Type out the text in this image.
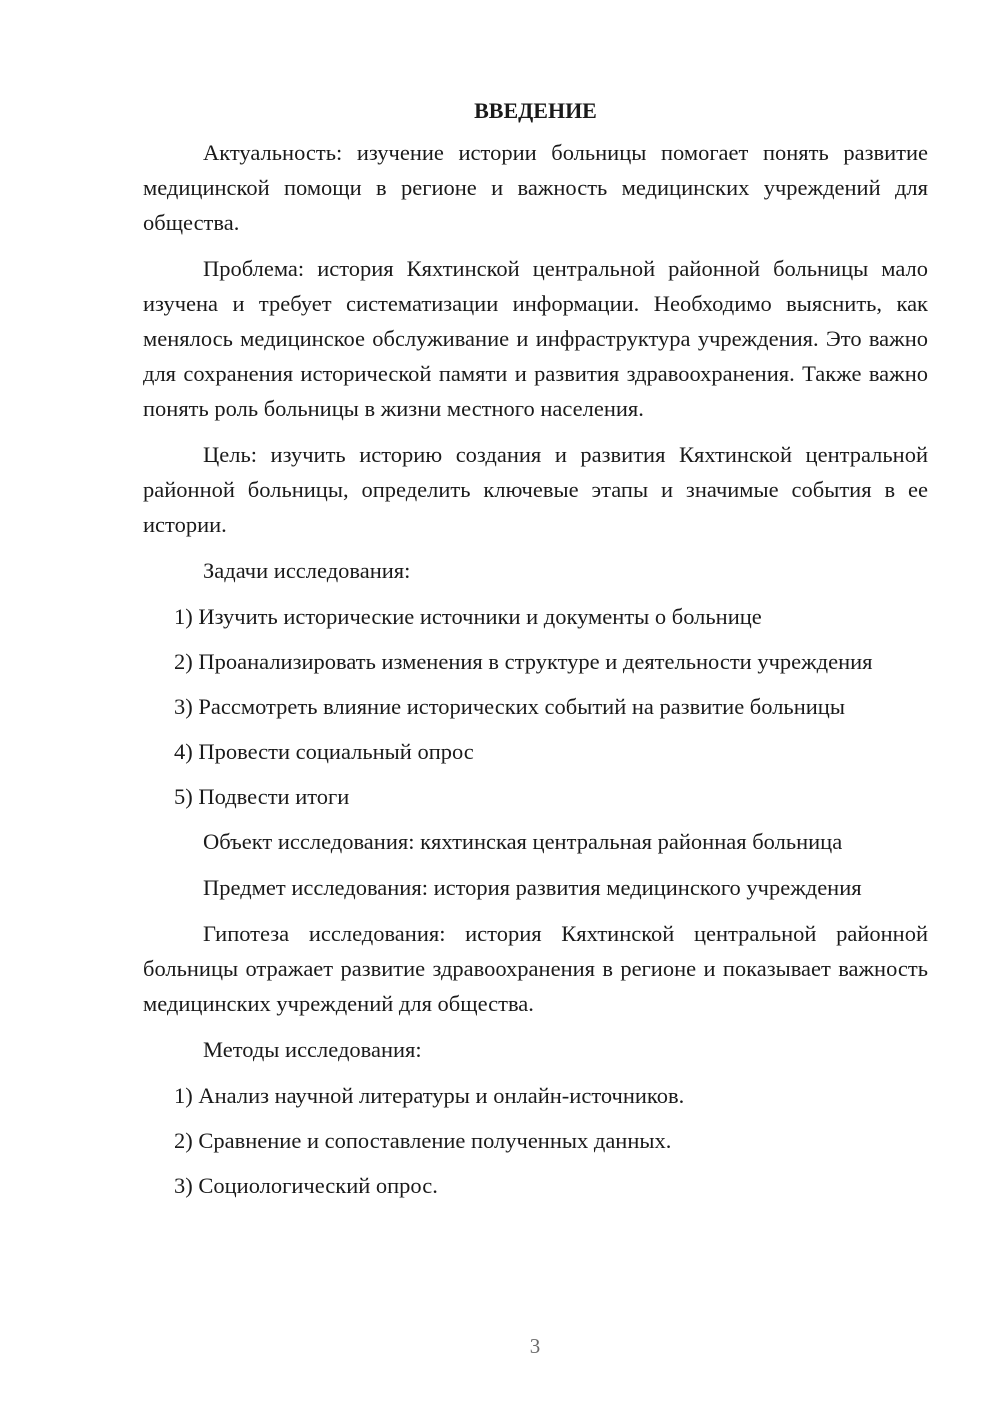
ВВЕДЕНИЕ

Актуальность: изучение истории больницы помогает понять развитие медицинской помощи в регионе и важность медицинских учреждений для общества.

Проблема: история Кяхтинской центральной районной больницы мало изучена и требует систематизации информации. Необходимо выяснить, как менялось медицинское обслуживание и инфраструктура учреждения. Это важно для сохранения исторической памяти и развития здравоохранения. Также важно понять роль больницы в жизни местного населения.

Цель: изучить историю создания и развития Кяхтинской центральной районной больницы, определить ключевые этапы и значимые события в ее истории.

Задачи исследования:

1) Изучить исторические источники и документы о больнице

2) Проанализировать изменения в структуре и деятельности учреждения

3) Рассмотреть влияние исторических событий на развитие больницы

4) Провести социальный опрос

5) Подвести итоги

Объект исследования: кяхтинская центральная районная больница

Предмет исследования: история развития медицинского учреждения

Гипотеза исследования: история Кяхтинской центральной районной больницы отражает развитие здравоохранения в регионе и показывает важность медицинских учреждений для общества.

Методы исследования:

1) Анализ научной литературы и онлайн-источников.

2) Сравнение и сопоставление полученных данных.

3) Социологический опрос.

3
